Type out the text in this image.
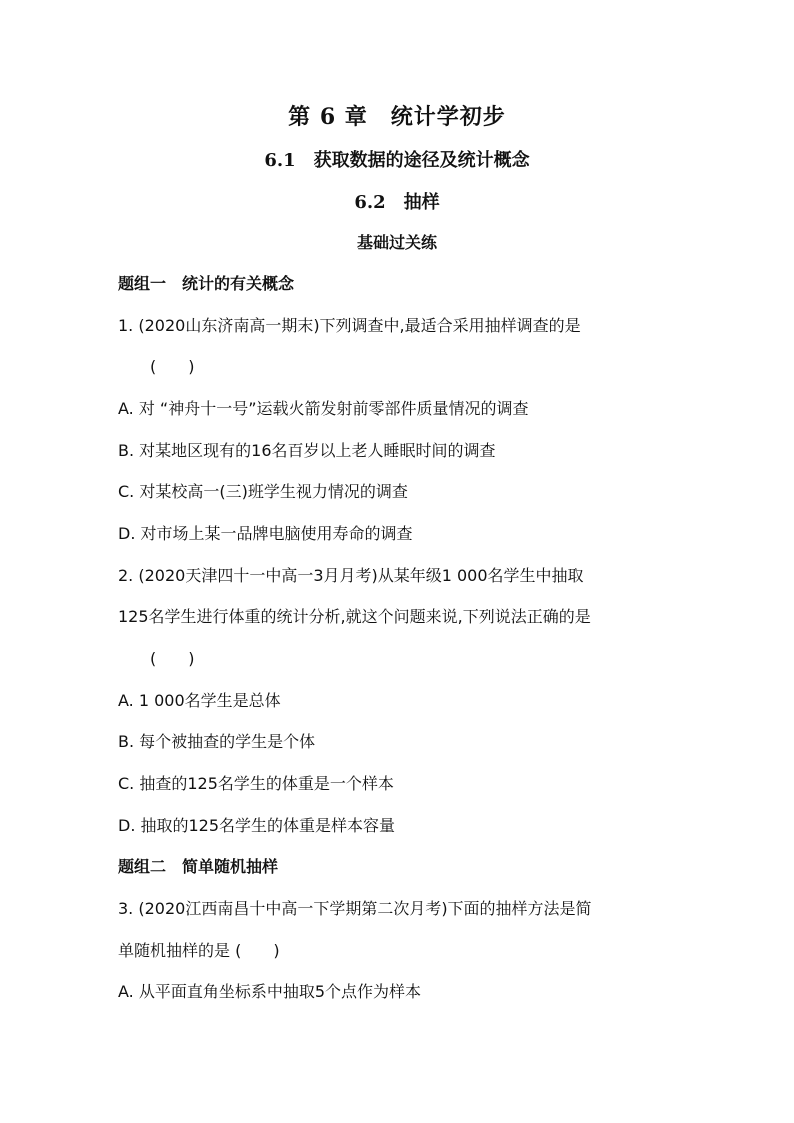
第 6 章　统计学初步
6.1　获取数据的途径及统计概念
6.2　抽样
基础过关练
题组一　统计的有关概念
1. (2020山东济南高一期末)下列调查中,最适合采用抽样调查的是
(　　)
A. 对 “神舟十一号”运载火箭发射前零部件质量情况的调查
B. 对某地区现有的16名百岁以上老人睡眠时间的调查
C. 对某校高一(三)班学生视力情况的调查
D. 对市场上某一品牌电脑使用寿命的调查
2. (2020天津四十一中高一3月月考)从某年级1 000名学生中抽取
125名学生进行体重的统计分析,就这个问题来说,下列说法正确的是
(　　)
A. 1 000名学生是总体
B. 每个被抽查的学生是个体
C. 抽查的125名学生的体重是一个样本
D. 抽取的125名学生的体重是样本容量
题组二　简单随机抽样
3. (2020江西南昌十中高一下学期第二次月考)下面的抽样方法是简
单随机抽样的是 (　　)
A. 从平面直角坐标系中抽取5个点作为样本
